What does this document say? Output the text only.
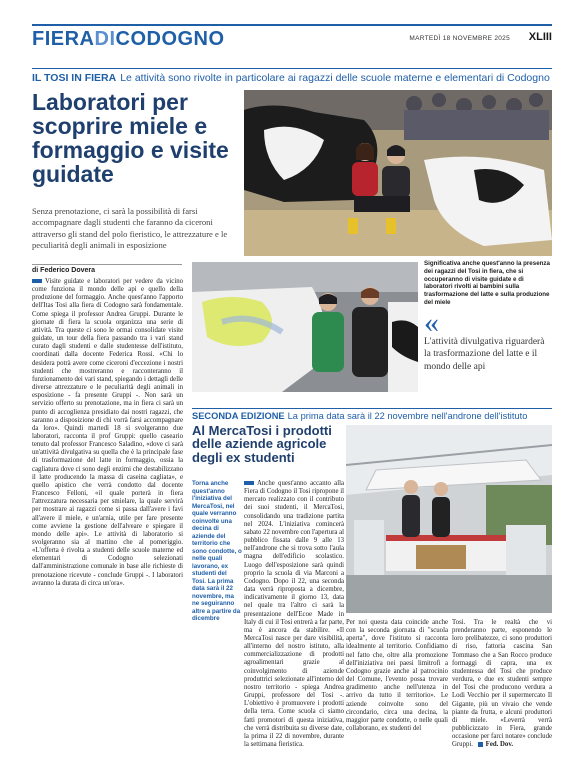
FIERADICODOGNO	MARTEDÌ 18 NOVEMBRE 2025 XLIII
IL TOSI IN FIERA Le attività sono rivolte in particolare ai ragazzi delle scuole materne e elementari di Codogno
Laboratori per scoprire miele e formaggio e visite guidate
Senza prenotazione, ci sarà la possibilità di farsi accompagnare dagli studenti che faranno da ciceroni attraverso gli stand del polo fieristico, le attrezzature e le peculiarità degli animali in esposizione
Significativa anche quest'anno la presenza dei ragazzi del Tosi in fiera, che si occuperanno di visite guidate e di laboratori rivolti ai bambini sulla trasformazione del latte e sulla produzione del miele
«
L'attività divulgativa riguarderà la trasformazione del latte e il mondo delle api
di Federico Dovera
Visite guidate e laboratori per vedere da vicino come funziona il mondo delle api e quello della produzione del formaggio. Anche quest'anno l'apporto dell'Itas Tosi alla fiera di Codogno sarà fondamentale. Come spiega il professor Andrea Gruppi. Durante le giornate di fiera la scuola organizza una serie di attività. Tra queste ci sono le ormai consolidate visite guidate, un tour della fiera passando tra i vari stand curato dagli studenti e dalle studentesse dell'istituto, coordinati dalla docente Federica Rossi. «Chi lo desidera potrà avere come ciceroni d'eccezione i nostri studenti che mostreranno e racconteranno il funzionamento dei vari stand, spiegando i dettagli delle diverse attrezzature e le peculiarità degli animali in esposizione - fa presente Gruppi -. Non sarà un servizio offerto su prenotazione, ma in fiera ci sarà un punto di accoglienza presidiato dai nostri ragazzi, che saranno a disposizione di chi vorrà farsi accompagnare da loro». Quindi martedì 18 si svolgeranno due laboratori, racconta il prof Gruppi: quello caseario tenuto dal professor Francesco Saladino, «dove ci sarà un'attività divulgativa su quella che è la principale fase di trasformazione del latte in formaggio, ossia la cagliatura dove ci sono degli enzimi che destabilizzano il latte producendo la massa di caseina cagliata», e quello apistico che verrà condotto dal docente Francesco Felloni, «il quale porterà in fiera l'attrezzatura necessaria per smielare, la quale servirà per mostrare ai ragazzi come si passa dall'avere i favi all'avere il miele, e un'arnia, utile per fare presente come avviene la gestione dell'alveare e spiegare il mondo delle api». Le attività di laboratorio si svolgeranno sia al mattino che al pomeriggio. «L'offerta è rivolta a studenti delle scuole materne ed elementari di Codogno selezionati dall'amministrazione comunale in base alle richieste di prenotazione ricevute - conclude Gruppi -. I laboratori avranno la durata di circa un'ora».
SECONDA EDIZIONE La prima data sarà il 22 novembre nell'androne dell'istituto
Al MercaTosi i prodotti delle aziende agricole degli ex studenti
Torna anche quest'anno l'iniziativa del MercaTosi, nel quale verranno coinvolte una decina di aziende del territorio che sono condotte, o nelle quali lavorano, ex studenti del Tosi. La prima data sarà il 22 novembre, ma ne seguiranno altre a partire da dicembre
Anche quest'anno accanto alla Fiera di Codogno il Tosi ripropone il mercato realizzato con il contributo dei suoi studenti, il MercaTosi, consolidando una tradizione partita nel 2024. L'iniziativa comincerà sabato 22 novembre con l'apertura al pubblico fissata dalle 9 alle 13 nell'androne che si trova sotto l'aula magna dell'edificio scolastico. Luogo dell'esposizione sarà quindi proprio la scuola di via Marconi a Codogno. Dopo il 22, una seconda data verrà riproposta a dicembre, indicativamente il giorno 13, data nel quale tra l'altro ci sarà la presentazione dell'Ecoe Made in Italy di cui il Tosi entrerà a far parte, ma è ancora da stabilire. «Il MercaTosi nasce per dare visibilità, all'interno del nostro istituto, alla commercializzazione di prodotti agroalimentari grazie al coinvolgimento di aziende produttrici selezionate all'interno del nostro territorio - spiega Andrea Gruppi, professore del Tosi -. L'obiettivo è promuovere i prodotti della terra. Come scuola ci siamo fatti promotori di questa iniziativa, che verrà distribuita su diverse date, la prima il 22 di novembre, durante la settimana fieristica.
Per noi questa data coincide anche con la seconda giornata di "scuola aperta", dove l'istituto si racconta idealmente al territorio. Confidiamo nel fatto che, oltre alla promozione dell'iniziativa nei paesi limitrofi a Codogno grazie anche al patrocinio del Comune, l'evento possa trovare gradimento anche nell'utenza in arrivo da tutto il territorio». Le aziende coinvolte sono del circondario, circa una decina, la maggior parte condotte, o nelle quali collaborano, ex studenti del
Tosi. Tra le realtà che vi prenderanno parte, esponendo le loro prelibatezze, ci sono produttori di riso, fattoria cascina San Tommaso che a San Rocco produce formaggi di capra, una ex studentessa del Tosi che produce verdura, e due ex studenti sempre del Tosi che producono verdura a Lodi Vecchio per il supermercato Il Gigante, più un vivaio che vende piante da frutta, e alcuni produttori di miele. «Leverrà verrà pubblicizzato in Fiera, grande occasione per farci notare» conclude Gruppi. Fed. Dov.
